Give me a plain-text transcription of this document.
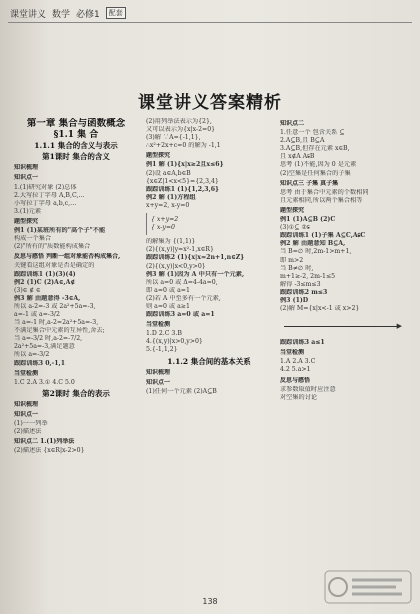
课堂讲义 数学 必修1	配套
课堂讲义答案精析
第一章 集合与函数概念
§1.1 集 合
1.1.1 集合的含义与表示
第1课时 集合的含义
知识梳理
知识点一
1.(1)研究对象 (2)总体
2.大写拉丁字母 A,B,C,…
小写拉丁字母 a,b,c,…
3.(1)元素
题型探究
例1 (1)某班所有的"高个子"不能
构成一个集合
(2)"所有的"质数能构成集合
反思与感悟 判断一组对象能否构成集合,
关键看这组对象是否是确定的
跟踪训练1 (1)(3)(4)
例2 (1)C (2)A∈,A∉
(3)∈ ∉ ∈
例3 解 由题意得 -3∈A,
所以 a-2=-3 或 2a²+5a=-3,
a=-1 或 a=-3/2
当 a=-1 时,a-2=2a²+5a=-3,
不满足集合中元素的互异性,舍去;
当 a=-3/2 时,a-2=-7/2,
2a²+5a=-3,满足题意
所以 a=-3/2
跟踪训练3 0,-1,1
当堂检测
1.C 2.A 3.① 4.C 5.0
第2课时 集合的表示
知识梳理
知识点一
(1)一一列举
(2)描述法
知识点二 1.(1)列举法
(2)描述法 {x∈R|x-2>0}
(2)用列举法表示为{2},
又可以表示为{x|x-2=0}
(3)解 ∵A={-1,1},
∴x²+2x+c=0 的解为 -1,1
题型探究
例1 解 (1){x|x≥2且x≤6}
(2)设 a∈A,b∈B
{x∈Z|1<x<5}={2,3,4}
跟踪训练1 (1){1,2,3,6}
例2 解 (1)方程组
x+y=2, x-y=0
{ x+y=2
{ x-y=0
的解集为 {(1,1)}
(2){(x,y)|y=x²-1,x∈R}
跟踪训练2 (1){x|x=2n+1,n∈Z}
(2){(x,y)|x<0,y>0}
例3 解 (1)因为 A 中只有一个元素,
所以 a=0 或 Δ=4-4a=0,
即 a=0 或 a=1
(2)若 A 中至多有一个元素,
则 a=0 或 a≥1
跟踪训练3 a=0 或 a=1
当堂检测
1.D 2.C 3.B
4.{(x,y)|x>0,y>0}
5.{-1,1,2}
1.1.2 集合间的基本关系
知识梳理
知识点一
(1)任何一个元素 (2)A⊆B
知识点二
1.任意一个 包含关系 ⊆
2.A⊆B,且 B⊆A
3.A⊆B,但存在元素 x∈B,
且 x∉A A⫋B
思考 (1)不能,因为 0 是元素
(2)空集是任何集合的子集
知识点三 子集 真子集
思考 由于集合中元素的个数相同
且元素相同,所以两个集合相等
题型探究
例1 (1)A⊆B (2)C
(3)①⊆ ②⫋
跟踪训练1 (1)子集 A⊆C,A⫋C
例2 解 由题意知 B⊆A,
当 B=∅ 时,2m-1>m+1,
即 m>2
当 B≠∅ 时,
m+1≥-2, 2m-1≤5
解得 -3≤m≤3
跟踪训练2 m≤3
例3 (1)D
(2)解 M={x|x<-1 或 x>2}
▶
跟踪训练3 a≤1
当堂检测
1.A 2.A 3.C
4.2 5.a>1
反思与感悟
求参数取值时应注意
对空集的讨论
138
